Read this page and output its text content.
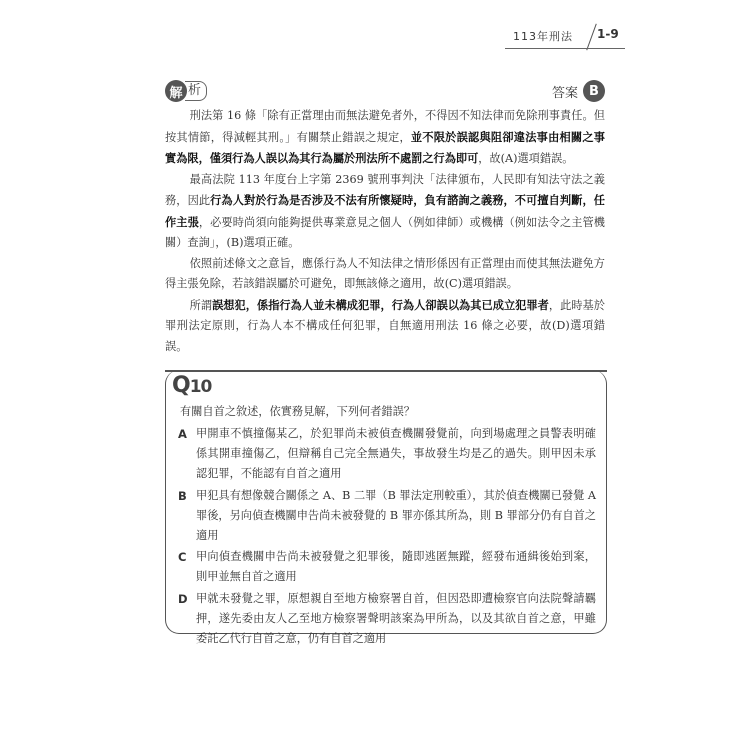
113年刑法 1-9
解 析	答案 B

刑法第 16 條「除有正當理由而無法避免者外，不得因不知法律而免除刑事責任。但按其情節，得減輕其刑。」有關禁止錯誤之規定，並不限於誤認與阻卻違法事由相關之事實為限，僅須行為人誤以為其行為屬於刑法所不處罰之行為即可，故(A)選項錯誤。

最高法院 113 年度台上字第 2369 號刑事判決「法律頒布，人民即有知法守法之義務，因此行為人對於行為是否涉及不法有所懷疑時，負有諮詢之義務，不可擅自判斷，任作主張，必要時尚須向能夠提供專業意見之個人（例如律師）或機構（例如法令之主管機關）查詢」，(B)選項正確。

依照前述條文之意旨，應係行為人不知法律之情形係因有正當理由而使其無法避免方得主張免除，若該錯誤屬於可避免，即無該條之適用，故(C)選項錯誤。

所謂誤想犯，係指行為人並未構成犯罪，行為人卻誤以為其已成立犯罪者，此時基於罪刑法定原則，行為人本不構成任何犯罪，自無適用刑法 16 條之必要，故(D)選項錯誤。

Q10
有關自首之敘述，依實務見解，下列何者錯誤？
A 甲開車不慎撞傷某乙，於犯罪尚未被偵查機關發覺前，向到場處理之員警表明確係其開車撞傷乙，但辯稱自己完全無過失，事故發生均是乙的過失。則甲因未承認犯罪，不能認有自首之適用
B 甲犯具有想像競合關係之 A、B 二罪（B 罪法定刑較重），其於偵查機關已發覺 A 罪後，另向偵查機關申告尚未被發覺的 B 罪亦係其所為，則 B 罪部分仍有自首之適用
C 甲向偵查機關申告尚未被發覺之犯罪後，隨即逃匿無蹤，經發布通緝後始到案，則甲並無自首之適用
D 甲就未發覺之罪，原想親自至地方檢察署自首，但因恐即遭檢察官向法院聲請羈押，遂先委由友人乙至地方檢察署聲明該案為甲所為，以及其欲自首之意，甲雖委託乙代行自首之意，仍有自首之適用
